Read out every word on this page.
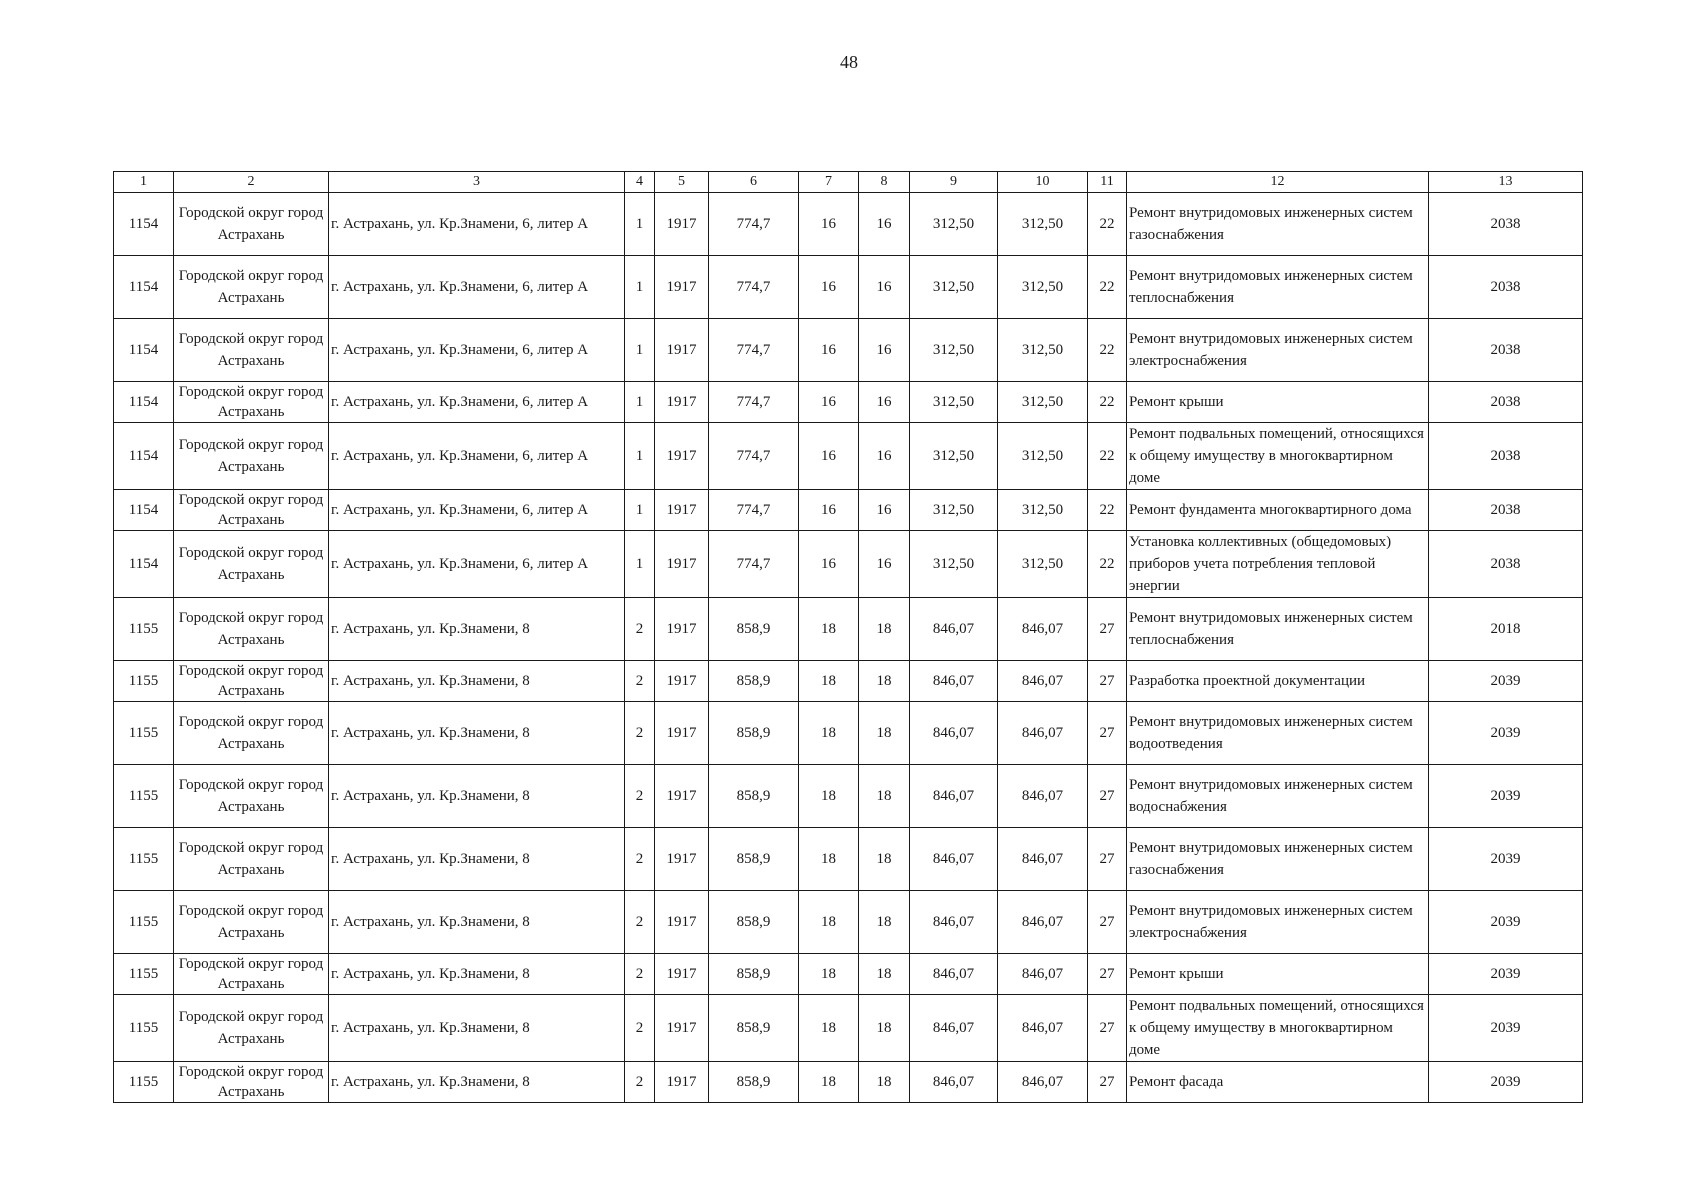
48
1	2	3	4	5	6	7	8	9	10	11	12	13
1154	Городской округ город Астрахань	г. Астрахань, ул. Кр.Знамени, 6, литер А	1	1917	774,7	16	16	312,50	312,50	22	Ремонт внутридомовых инженерных систем газоснабжения	2038
1154	Городской округ город Астрахань	г. Астрахань, ул. Кр.Знамени, 6, литер А	1	1917	774,7	16	16	312,50	312,50	22	Ремонт внутридомовых инженерных систем теплоснабжения	2038
1154	Городской округ город Астрахань	г. Астрахань, ул. Кр.Знамени, 6, литер А	1	1917	774,7	16	16	312,50	312,50	22	Ремонт внутридомовых инженерных систем электроснабжения	2038
1154	Городской округ город Астрахань	г. Астрахань, ул. Кр.Знамени, 6, литер А	1	1917	774,7	16	16	312,50	312,50	22	Ремонт крыши	2038
1154	Городской округ город Астрахань	г. Астрахань, ул. Кр.Знамени, 6, литер А	1	1917	774,7	16	16	312,50	312,50	22	Ремонт подвальных помещений, относящихся к общему имуществу в многоквартирном доме	2038
1154	Городской округ город Астрахань	г. Астрахань, ул. Кр.Знамени, 6, литер А	1	1917	774,7	16	16	312,50	312,50	22	Ремонт фундамента многоквартирного дома	2038
1154	Городской округ город Астрахань	г. Астрахань, ул. Кр.Знамени, 6, литер А	1	1917	774,7	16	16	312,50	312,50	22	Установка коллективных (общедомовых) приборов учета потребления тепловой энергии	2038
1155	Городской округ город Астрахань	г. Астрахань, ул. Кр.Знамени, 8	2	1917	858,9	18	18	846,07	846,07	27	Ремонт внутридомовых инженерных систем теплоснабжения	2018
1155	Городской округ город Астрахань	г. Астрахань, ул. Кр.Знамени, 8	2	1917	858,9	18	18	846,07	846,07	27	Разработка проектной документации	2039
1155	Городской округ город Астрахань	г. Астрахань, ул. Кр.Знамени, 8	2	1917	858,9	18	18	846,07	846,07	27	Ремонт внутридомовых инженерных систем водоотведения	2039
1155	Городской округ город Астрахань	г. Астрахань, ул. Кр.Знамени, 8	2	1917	858,9	18	18	846,07	846,07	27	Ремонт внутридомовых инженерных систем водоснабжения	2039
1155	Городской округ город Астрахань	г. Астрахань, ул. Кр.Знамени, 8	2	1917	858,9	18	18	846,07	846,07	27	Ремонт внутридомовых инженерных систем газоснабжения	2039
1155	Городской округ город Астрахань	г. Астрахань, ул. Кр.Знамени, 8	2	1917	858,9	18	18	846,07	846,07	27	Ремонт внутридомовых инженерных систем электроснабжения	2039
1155	Городской округ город Астрахань	г. Астрахань, ул. Кр.Знамени, 8	2	1917	858,9	18	18	846,07	846,07	27	Ремонт крыши	2039
1155	Городской округ город Астрахань	г. Астрахань, ул. Кр.Знамени, 8	2	1917	858,9	18	18	846,07	846,07	27	Ремонт подвальных помещений, относящихся к общему имуществу в многоквартирном доме	2039
1155	Городской округ город Астрахань	г. Астрахань, ул. Кр.Знамени, 8	2	1917	858,9	18	18	846,07	846,07	27	Ремонт фасада	2039
